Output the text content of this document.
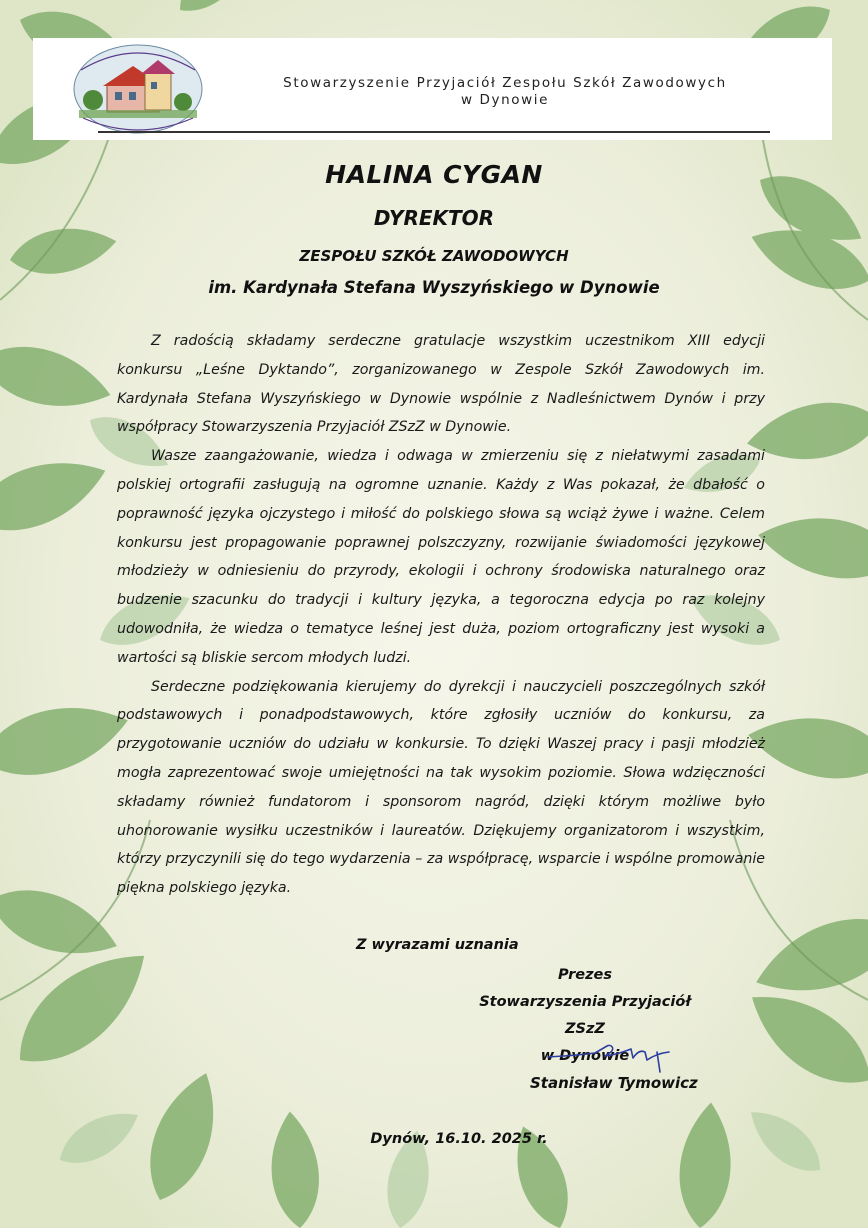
Stowarzyszenie Przyjaciół Zespołu Szkół Zawodowych
w Dynowie
HALINA CYGAN
DYREKTOR
ZESPOŁU SZKÓŁ ZAWODOWYCH
im. Kardynała Stefana Wyszyńskiego w Dynowie

Z radością składamy serdeczne gratulacje wszystkim uczestnikom XIII edycji konkursu „Leśne Dyktando”, zorganizowanego w Zespole Szkół Zawodowych im. Kardynała Stefana Wyszyńskiego w Dynowie wspólnie z Nadleśnictwem Dynów i przy współpracy Stowarzyszenia Przyjaciół ZSzZ w Dynowie.

Wasze zaangażowanie, wiedza i odwaga w zmierzeniu się z niełatwymi zasadami polskiej ortografii zasługują na ogromne uznanie. Każdy z Was pokazał, że dbałość o poprawność języka ojczystego i miłość do polskiego słowa są wciąż żywe i ważne. Celem konkursu jest propagowanie poprawnej polszczyzny, rozwijanie świadomości językowej młodzieży w odniesieniu do przyrody, ekologii i ochrony środowiska naturalnego oraz budzenie szacunku do tradycji i kultury języka, a tegoroczna edycja po raz kolejny udowodniła, że wiedza o tematyce leśnej jest duża, poziom ortograficzny jest wysoki a wartości są bliskie sercom młodych ludzi.

Serdeczne podziękowania kierujemy do dyrekcji i nauczycieli poszczególnych szkół podstawowych i ponadpodstawowych, które zgłosiły uczniów do konkursu, za przygotowanie uczniów do udziału w konkursie. To dzięki Waszej pracy i pasji młodzież mogła zaprezentować swoje umiejętności na tak wysokim poziomie. Słowa wdzięczności składamy również fundatorom i sponsorom nagród, dzięki którym możliwe było uhonorowanie wysiłku uczestników i laureatów. Dziękujemy organizatorom i wszystkim, którzy przyczynili się do tego wydarzenia – za współpracę, wsparcie i wspólne promowanie piękna polskiego języka.

Z wyrazami uznania
Prezes
Stowarzyszenia Przyjaciół ZSzZ
w Dynowie
Stanisław Tymowicz
Dynów, 16.10. 2025 r.
